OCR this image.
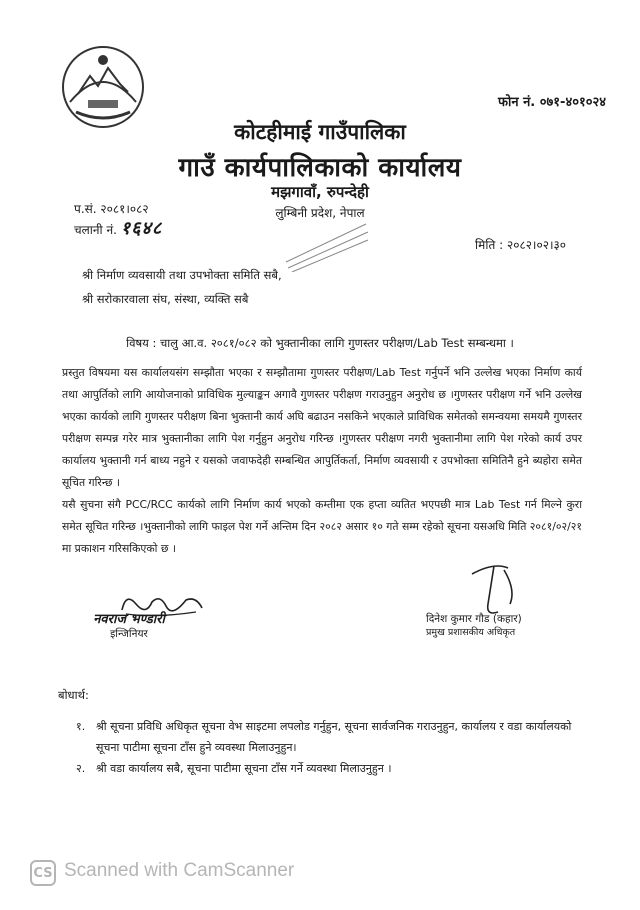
फोन नं. ०७१-४०१०२४
कोटहीमाई गाउँपालिका
गाउँ कार्यपालिकाको कार्यालय
मझगावाँ, रुपन्देही
लुम्बिनी प्रदेश, नेपाल
प.सं. २०८१।०८२
चलानी नं. १६४८
मिति : २०८२।०२।३०
श्री निर्माण व्यवसायी तथा उपभोक्ता समिति सबै,
श्री सरोकारवाला संघ, संस्था, व्यक्ति सबै
विषय : चालु आ.व. २०८१/०८२ को भुक्तानीका लागि गुणस्तर परीक्षण/Lab Test सम्बन्धमा ।

प्रस्तुत विषयमा यस कार्यालयसंग सम्झौता भएका र सम्झौतामा गुणस्तर परीक्षण/Lab Test गर्नुपर्ने भनि उल्लेख भएका निर्माण कार्य तथा आपुर्तिको लागि आयोजनाको प्राविधिक मुल्याङ्कन अगावै गुणस्तर परीक्षण गराउनुहुन अनुरोध छ ।गुणस्तर परीक्षण गर्ने भनि उल्लेख भएका कार्यको लागि गुणस्तर परीक्षण बिना भुक्तानी कार्य अघि बढाउन नसकिने भएकाले प्राविधिक समेतको समन्वयमा समयमै गुणस्तर परीक्षण सम्पन्न गरेर मात्र भुक्तानीका लागि पेश गर्नुहुन अनुरोध गरिन्छ ।गुणस्तर परीक्षण नगरी भुक्तानीमा लागि पेश गरेको कार्य उपर कार्यालय भुक्तानी गर्न बाध्य नहुने र यसको जवाफदेही सम्बन्धित आपुर्तिकर्ता, निर्माण व्यवसायी र उपभोक्ता समितिनै हुने ब्यहोरा समेत सूचित गरिन्छ ।

यसै सुचना संगै PCC/RCC कार्यको लागि निर्माण कार्य भएको कम्तीमा एक हप्ता व्यतित भएपछी मात्र Lab Test गर्न मिल्ने कुरा समेत सूचित गरिन्छ ।भुक्तानीको लागि फाइल पेश गर्ने अन्तिम दिन २०८२ असार १० गते सम्म रहेको सूचना यसअधि मिति २०८१/०२/२१ मा प्रकाशन गरिसकिएको छ ।

नवराज भण्डारी
इन्जिनियर
दिनेश कुमार गौड (कहार)
प्रमुख प्रशासकीय अधिकृत
बोधार्थ:
१. श्री सूचना प्रविधि अधिकृत सूचना वेभ साइटमा लपलोड गर्नुहुन, सूचना सार्वजनिक गराउनुहुन, कार्यालय र वडा कार्यालयको सूचना पाटीमा सूचना टाँस हुने व्यवस्था मिलाउनुहुन।
२. श्री वडा कार्यालय सबै, सूचना पाटीमा सूचना टाँस गर्ने व्यवस्था मिलाउनुहुन ।
CS Scanned with CamScanner
